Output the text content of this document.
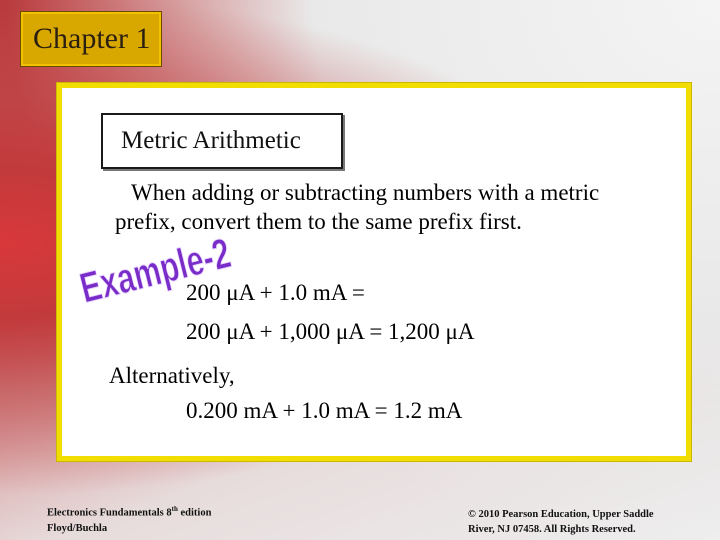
Chapter 1
Metric Arithmetic
When adding or subtracting numbers with a metric
prefix, convert them to the same prefix first.
Example-2
200 μA + 1.0 mA =
200 μA + 1,000 μA = 1,200 μA
Alternatively,
0.200 mA + 1.0 mA = 1.2 mA
Electronics Fundamentals 8th edition
Floyd/Buchla
© 2010 Pearson Education, Upper Saddle
River, NJ 07458. All Rights Reserved.
